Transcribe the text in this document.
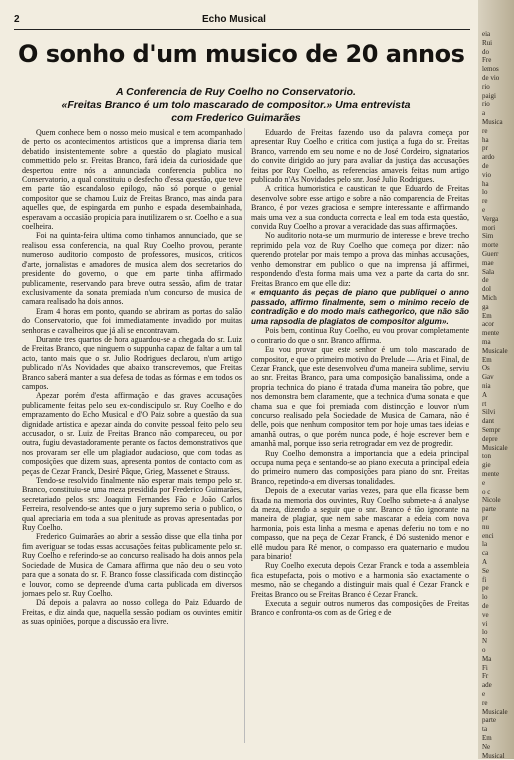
2	Echo Musical
O sonho d'um musico de 20 annos
A Conferencia de Ruy Coelho no Conservatorio.
«Freitas Branco é um tolo mascarado de compositor.» Uma entrevista
com Frederico Guimarães

Quem conhece bem o nosso meio musical e tem acompanhado de perto os acontecimentos artisticos que a imprensa diaria tem debatido insistentemente sobre a questão do plagiato musical commettido pelo sr. Freitas Branco, fará ideia da curiosidade que despertou entre nós a annunciada conferencia publica no Conservatorio, a qual constituiu o desfecho d'essa questão, que teve em parte tão escandaloso epilogo, não só porque o genial compositor que se chamou Luiz de Freitas Branco, mas ainda para aquelles que, de espingarda em punho e espada desembainhada, esperavam a occasião propicia para inutilizarem o sr. Coelho e a sua coelheira.

Foi na quinta-feira ultima como tinhamos annunciado, que se realisou essa conferencia, na qual Ruy Coelho provou, perante numeroso auditorio composto de professores, musicos, criticos d'arte, jornalistas e amadores de musica alem dos secretarios do presidente do governo, o que em parte tinha affirmado publicamente, reservando para breve outra sessão, afim de tratar exclusivamente da sonata premiada n'um concurso de musica de camara realisado ha dois annos.

Eram 4 horas em ponto, quando se abriram as portas do salão do Conservatorio, que foi immediatamente invadido por muitas senhoras e cavalheiros que já ali se encontravam.

Durante tres quartos de hora aguardou-se a chegada do sr. Luiz de Freitas Branco, que ninguem o suppunha capaz de faltar a um tal acto, tanto mais que o sr. Julio Rodrigues declarou, n'um artigo publicado n'As Novidades que abaixo transcrevemos, que Freitas Branco saberá manter a sua defesa de todas as fórmas e em todos os campos.

Apezar porém d'esta affirmação e das graves accusações publicamente feitas pelo seu ex-condiscipulo sr. Ruy Coelho e do emprazamento do Echo Musical e d'O Paiz sobre a questão da sua dignidade artistica e apezar ainda do convite pessoal feito pelo seu accusador, o sr. Luiz de Freitas Branco não compareceu, ou por outra, fugiu devastadoramente perante os factos demonstrativos que nos provaram ser elle um plagiador audacioso, que com todas as composições que dizem suas, apresenta pontos de contacto com as peças de Cezar Franck, Desiré Pâque, Grieg, Massenet e Strauss.

Tendo-se resolvido finalmente não esperar mais tempo pelo sr. Branco, constituiu-se uma meza presidida por Frederico Guimarães, secretariado pelos srs: Joaquim Fernandes Fão e João Carlos Ferreira, resolvendo-se antes que o jury supremo seria o publico, o qual apreciaria em toda a sua plenitude as provas apresentadas por Ruy Coelho.

Frederico Guimarães ao abrir a sessão disse que ella tinha por fim averiguar se todas essas accusações feitas publicamente pelo sr. Ruy Coelho e referindo-se ao concurso realisado ha dois annos pela Sociedade de Musica de Camara affirma que não deu o seu voto para que a sonata do sr. F. Branco fosse classificada com distincção e louvor, como se depreende d'uma carta publicada em diversos jornaes pelo sr. Ruy Coelho.

Dá depois a palavra ao nosso collega do Paiz Eduardo de Freitas, e diz ainda que, naquella sessão podiam os ouvintes emitir as suas opiniões, porque a discussão era livre.

Eduardo de Freitas fazendo uso da palavra começa por apresentar Ruy Coelho e critica com justiça a fuga do sr. Freitas Branco, varrendo em seu nome e no de José Cordeiro, signatarios do convite dirigido ao jury para avaliar da justiça das accusações feitas por Ruy Coelho, as referencias amaveis feitas num artigo publicado n'As Novidades pelo snr. José Julio Rodrigues.

A critica humoristica e caustican te que Eduardo de Freitas desenvolve sobre esse artigo e sobre a não comparencia de Freitas Branco, é por vezes graciosa e sempre interessante e affirmando mais uma vez a sua conducta correcta e leal em toda esta questão, convida Ruy Coelho a provar a veracidade das suas affirmações.

No auditorio nota-se um murmurio de interesse e breve trecho reprimido pela voz de Ruy Coelho que começa por dizer: não querendo protelar por mais tempo a prova das minhas accusações, venho demonstrar em publico o que na imprensa já affirmei, respondendo d'esta forma mais uma vez a parte da carta do snr. Freitas Branco em que elle diz:

« emquanto ás peças de piano que publiquei o anno passado, affirmo finalmente, sem o minimo receio de contradição e do modo mais cathegorico, que não são uma rapsodia de plagiatos de compositor algum».

Pois bem, continua Ruy Coelho, eu vou provar completamente o contrario do que o snr. Branco affirma.

Eu vou provar que este senhor é um tolo mascarado de compositor, e que o primeiro motivo do Prelude — Aria et Final, de Cezar Franck, que este desenvolveu d'uma maneira sublime, serviu ao snr. Freitas Branco, para uma composição banalissima, onde a propria technica do piano é tratada d'uma maneira tão pobre, que nos demonstra bem claramente, que a technica d'uma sonata e que chama sua e que foi premiada com distincção e louvor n'um concurso realisado pela Sociedade de Musica de Camara, não é delle, pois que nenhum compositor tem por hoje umas taes ideias e amanhã outras, o que porém nunca pode, é hoje escrever bem e amanhã mal, porque isso seria retrogradar em vez de progredir.

Ruy Coelho demonstra a importancia que a edeia principal occupa numa peça e sentando-se ao piano executa a principal edeia do primeiro numero das composições para piano do snr. Freitas Branco, repetindo-a em diversas tonalidades.

Depois de a executar varias vezes, para que ella ficasse bem fixada na memoria dos ouvintes, Ruy Coelho submete-a á analyse da meza, dizendo a seguir que o snr. Branco é tão ignorante na maneira de plagiar, que nem sabe mascarar a edeia com nova harmonia, pois esta linha a mesma e apenas deferiu no tom e no compasso, que na peça de Cezar Franck, é Dó sustenido menor e ellê mudou para Ré menor, o compasso era quaternario e mudou para binario!

Ruy Coelho executa depois Cezar Franck e toda a assembleia fica estupefacta, pois o motivo e a harmonia são exactamente o mesmo, não se chegando a distinguir mais qual é Cezar Franck e Freitas Branco ou se Freitas Branco é Cezar Franck.

Executa a seguir outros numeros das composições de Freitas Branco e confronta-os com as de Grieg e de

eia
Rui
do
Fre
lemos
de vio
rio
paigi
rio
a
Musica
re
ha
pr
ardo
de
vio
ha
lo
re
e
Verga
mori
Sim
morte
Guerr
mae
Sala
de
dol
Mich
ga
Em
acor
mente
ma
Musicale
Em
Os
Gav
nia
A
rt
Silvi
dant
Sempr
depre
Musicale
ton
gie
mente
e
o c
Nicole
parte
pr
nu
enci
la
ca
A
Se
fi
pe
lo
de
ve
vi
lo
N
o
Ma
Fi
Fr
ade
e
re
Musicale
parte
ta
Em
Ne
Musical
